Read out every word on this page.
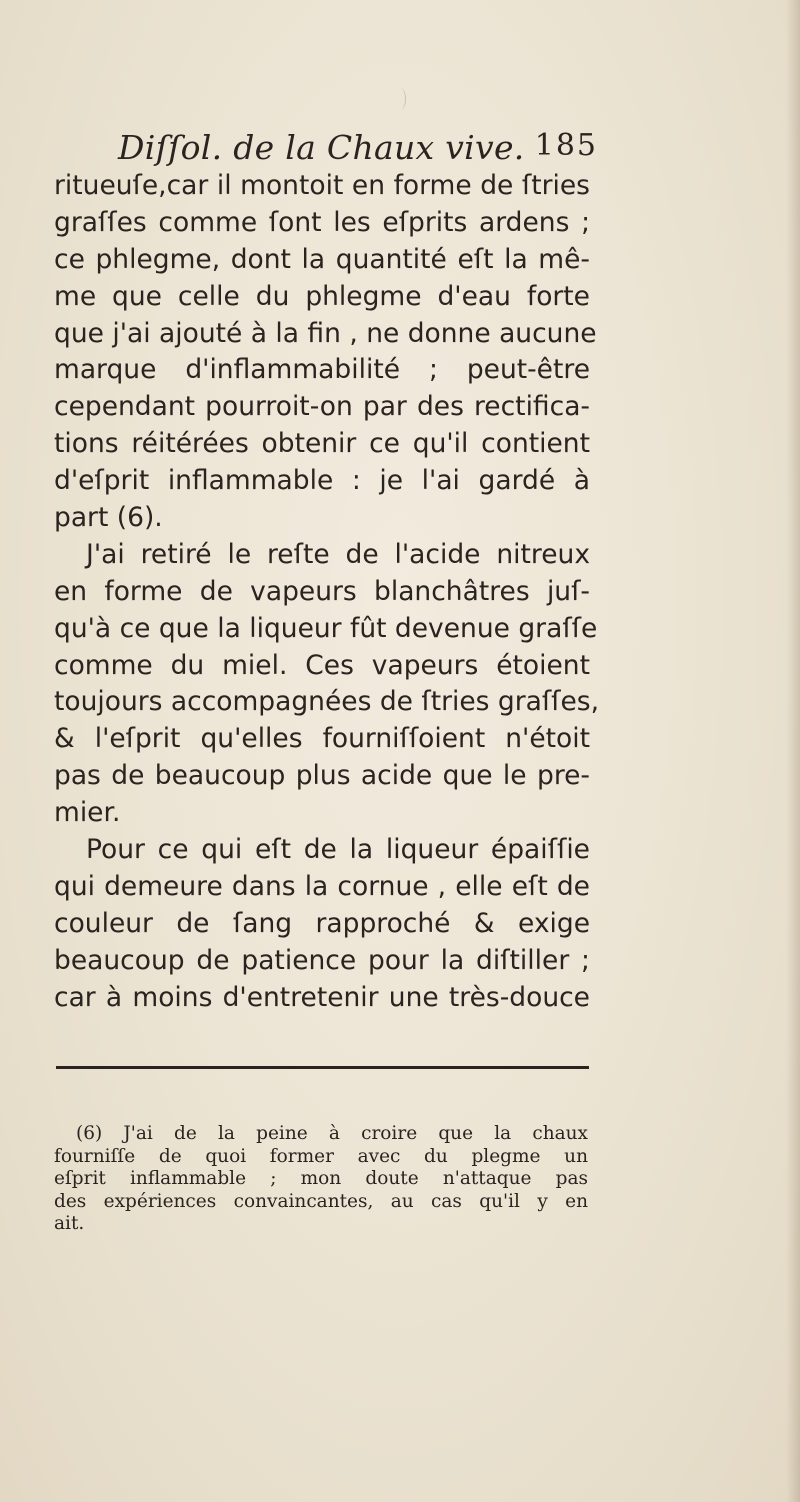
Diſſol. de la Chaux vive. 185
ritueuſe,car il montoit en forme de ſtries
graſſes comme ſont les eſprits ardens ;
ce phlegme, dont la quantité eſt la mê-
me que celle du phlegme d'eau forte
que j'ai ajouté à la fin , ne donne aucune
marque d'inflammabilité ; peut-être
cependant pourroit-on par des rectifica-
tions réitérées obtenir ce qu'il contient
d'eſprit inflammable : je l'ai gardé à
part (6).
J'ai retiré le reſte de l'acide nitreux
en forme de vapeurs blanchâtres juſ-
qu'à ce que la liqueur fût devenue graſſe
comme du miel. Ces vapeurs étoient
toujours accompagnées de ſtries graſſes,
& l'eſprit qu'elles fourniſſoient n'étoit
pas de beaucoup plus acide que le pre-
mier.
Pour ce qui eſt de la liqueur épaiſſie
qui demeure dans la cornue , elle eſt de
couleur de ſang rapproché & exige
beaucoup de patience pour la diſtiller ;
car à moins d'entretenir une très-douce
(6) J'ai de la peine à croire que la chaux
fourniſſe de quoi former avec du plegme un
eſprit inflammable ; mon doute n'attaque pas
des expériences convaincantes, au cas qu'il y en
ait.
